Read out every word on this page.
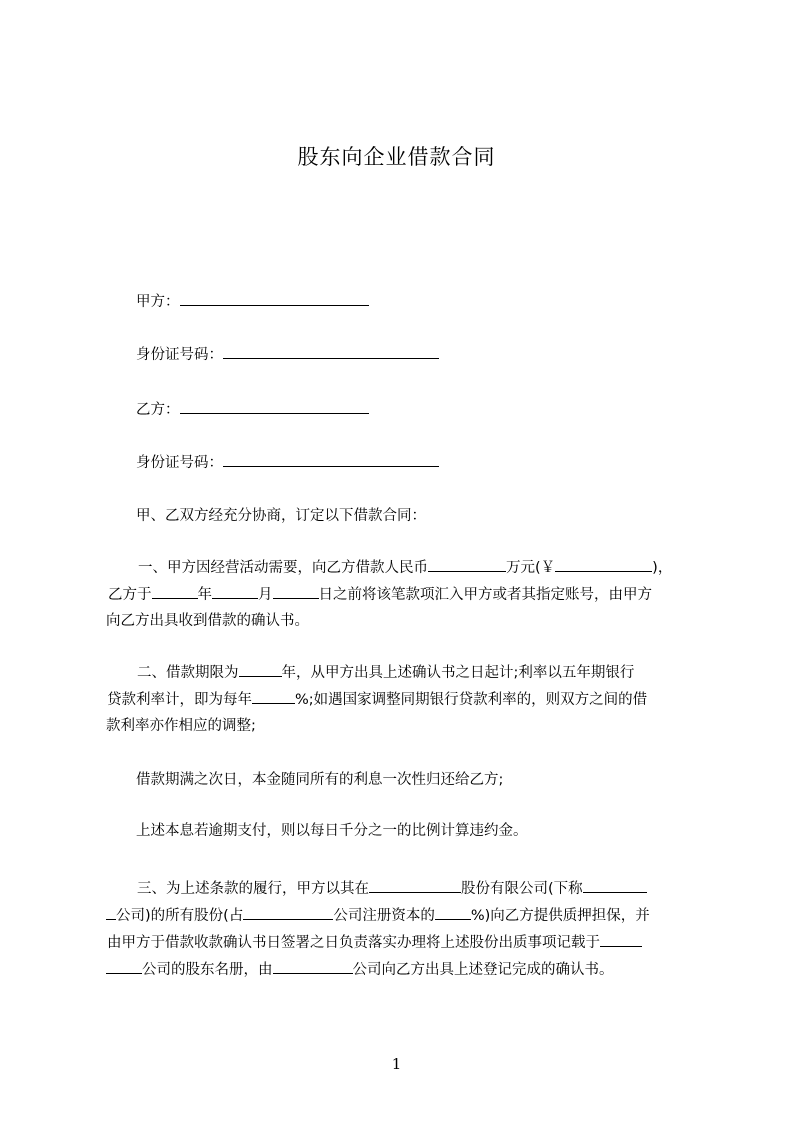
股东向企业借款合同
甲方：
身份证号码：
乙方：
身份证号码：
甲、乙双方经充分协商，订定以下借款合同：
一、甲方因经营活动需要，向乙方借款人民币	万元(￥	)，
乙方于	年	月	日之前将该笔款项汇入甲方或者其指定账号，由甲方
向乙方出具收到借款的确认书。
二、借款期限为	年，从甲方出具上述确认书之日起计;利率以五年期银行
贷款利率计，即为每年	%;如遇国家调整同期银行贷款利率的，则双方之间的借
款利率亦作相应的调整;
借款期满之次日，本金随同所有的利息一次性归还给乙方;
上述本息若逾期支付，则以每日千分之一的比例计算违约金。
三、为上述条款的履行，甲方以其在	股份有限公司(下称
公司)的所有股份(占	公司注册资本的 %)向乙方提供质押担保，并
由甲方于借款收款确认书日签署之日负责落实办理将上述股份出质事项记载于
公司的股东名册，由	公司向乙方出具上述登记完成的确认书。
1
